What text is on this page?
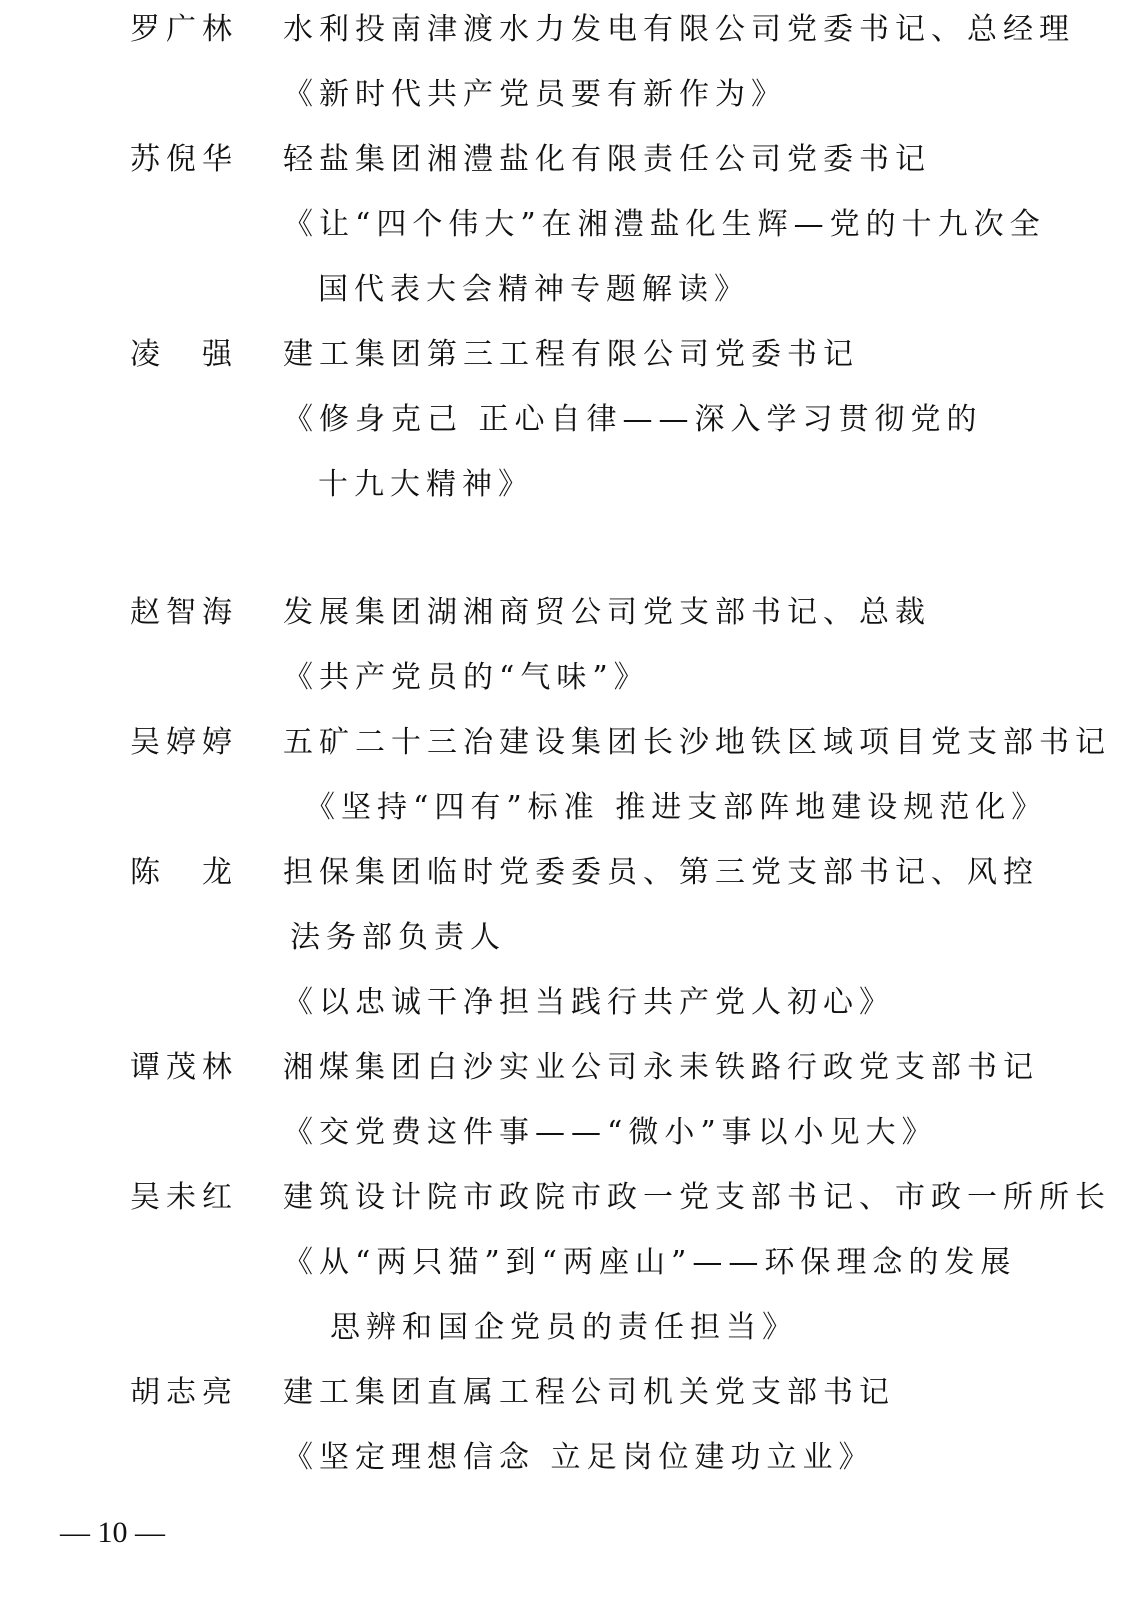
罗广林 水利投南津渡水力发电有限公司党委书记、总经理
《新时代共产党员要有新作为》
苏倪华 轻盐集团湘澧盐化有限责任公司党委书记
《让“四个伟大”在湘澧盐化生辉—党的十九次全
国代表大会精神专题解读》
凌　强 建工集团第三工程有限公司党委书记
《修身克己 正心自律——深入学习贯彻党的
十九大精神》
赵智海 发展集团湖湘商贸公司党支部书记、总裁
《共产党员的“气味”》
吴婷婷 五矿二十三冶建设集团长沙地铁区域项目党支部书记
《坚持“四有”标准 推进支部阵地建设规范化》
陈　龙 担保集团临时党委委员、第三党支部书记、风控
法务部负责人
《以忠诚干净担当践行共产党人初心》
谭茂林 湘煤集团白沙实业公司永耒铁路行政党支部书记
《交党费这件事——“微小”事以小见大》
吴未红 建筑设计院市政院市政一党支部书记、市政一所所长
《从“两只猫”到“两座山”——环保理念的发展
思辨和国企党员的责任担当》
胡志亮 建工集团直属工程公司机关党支部书记
《坚定理想信念 立足岗位建功立业》
— 10 —
